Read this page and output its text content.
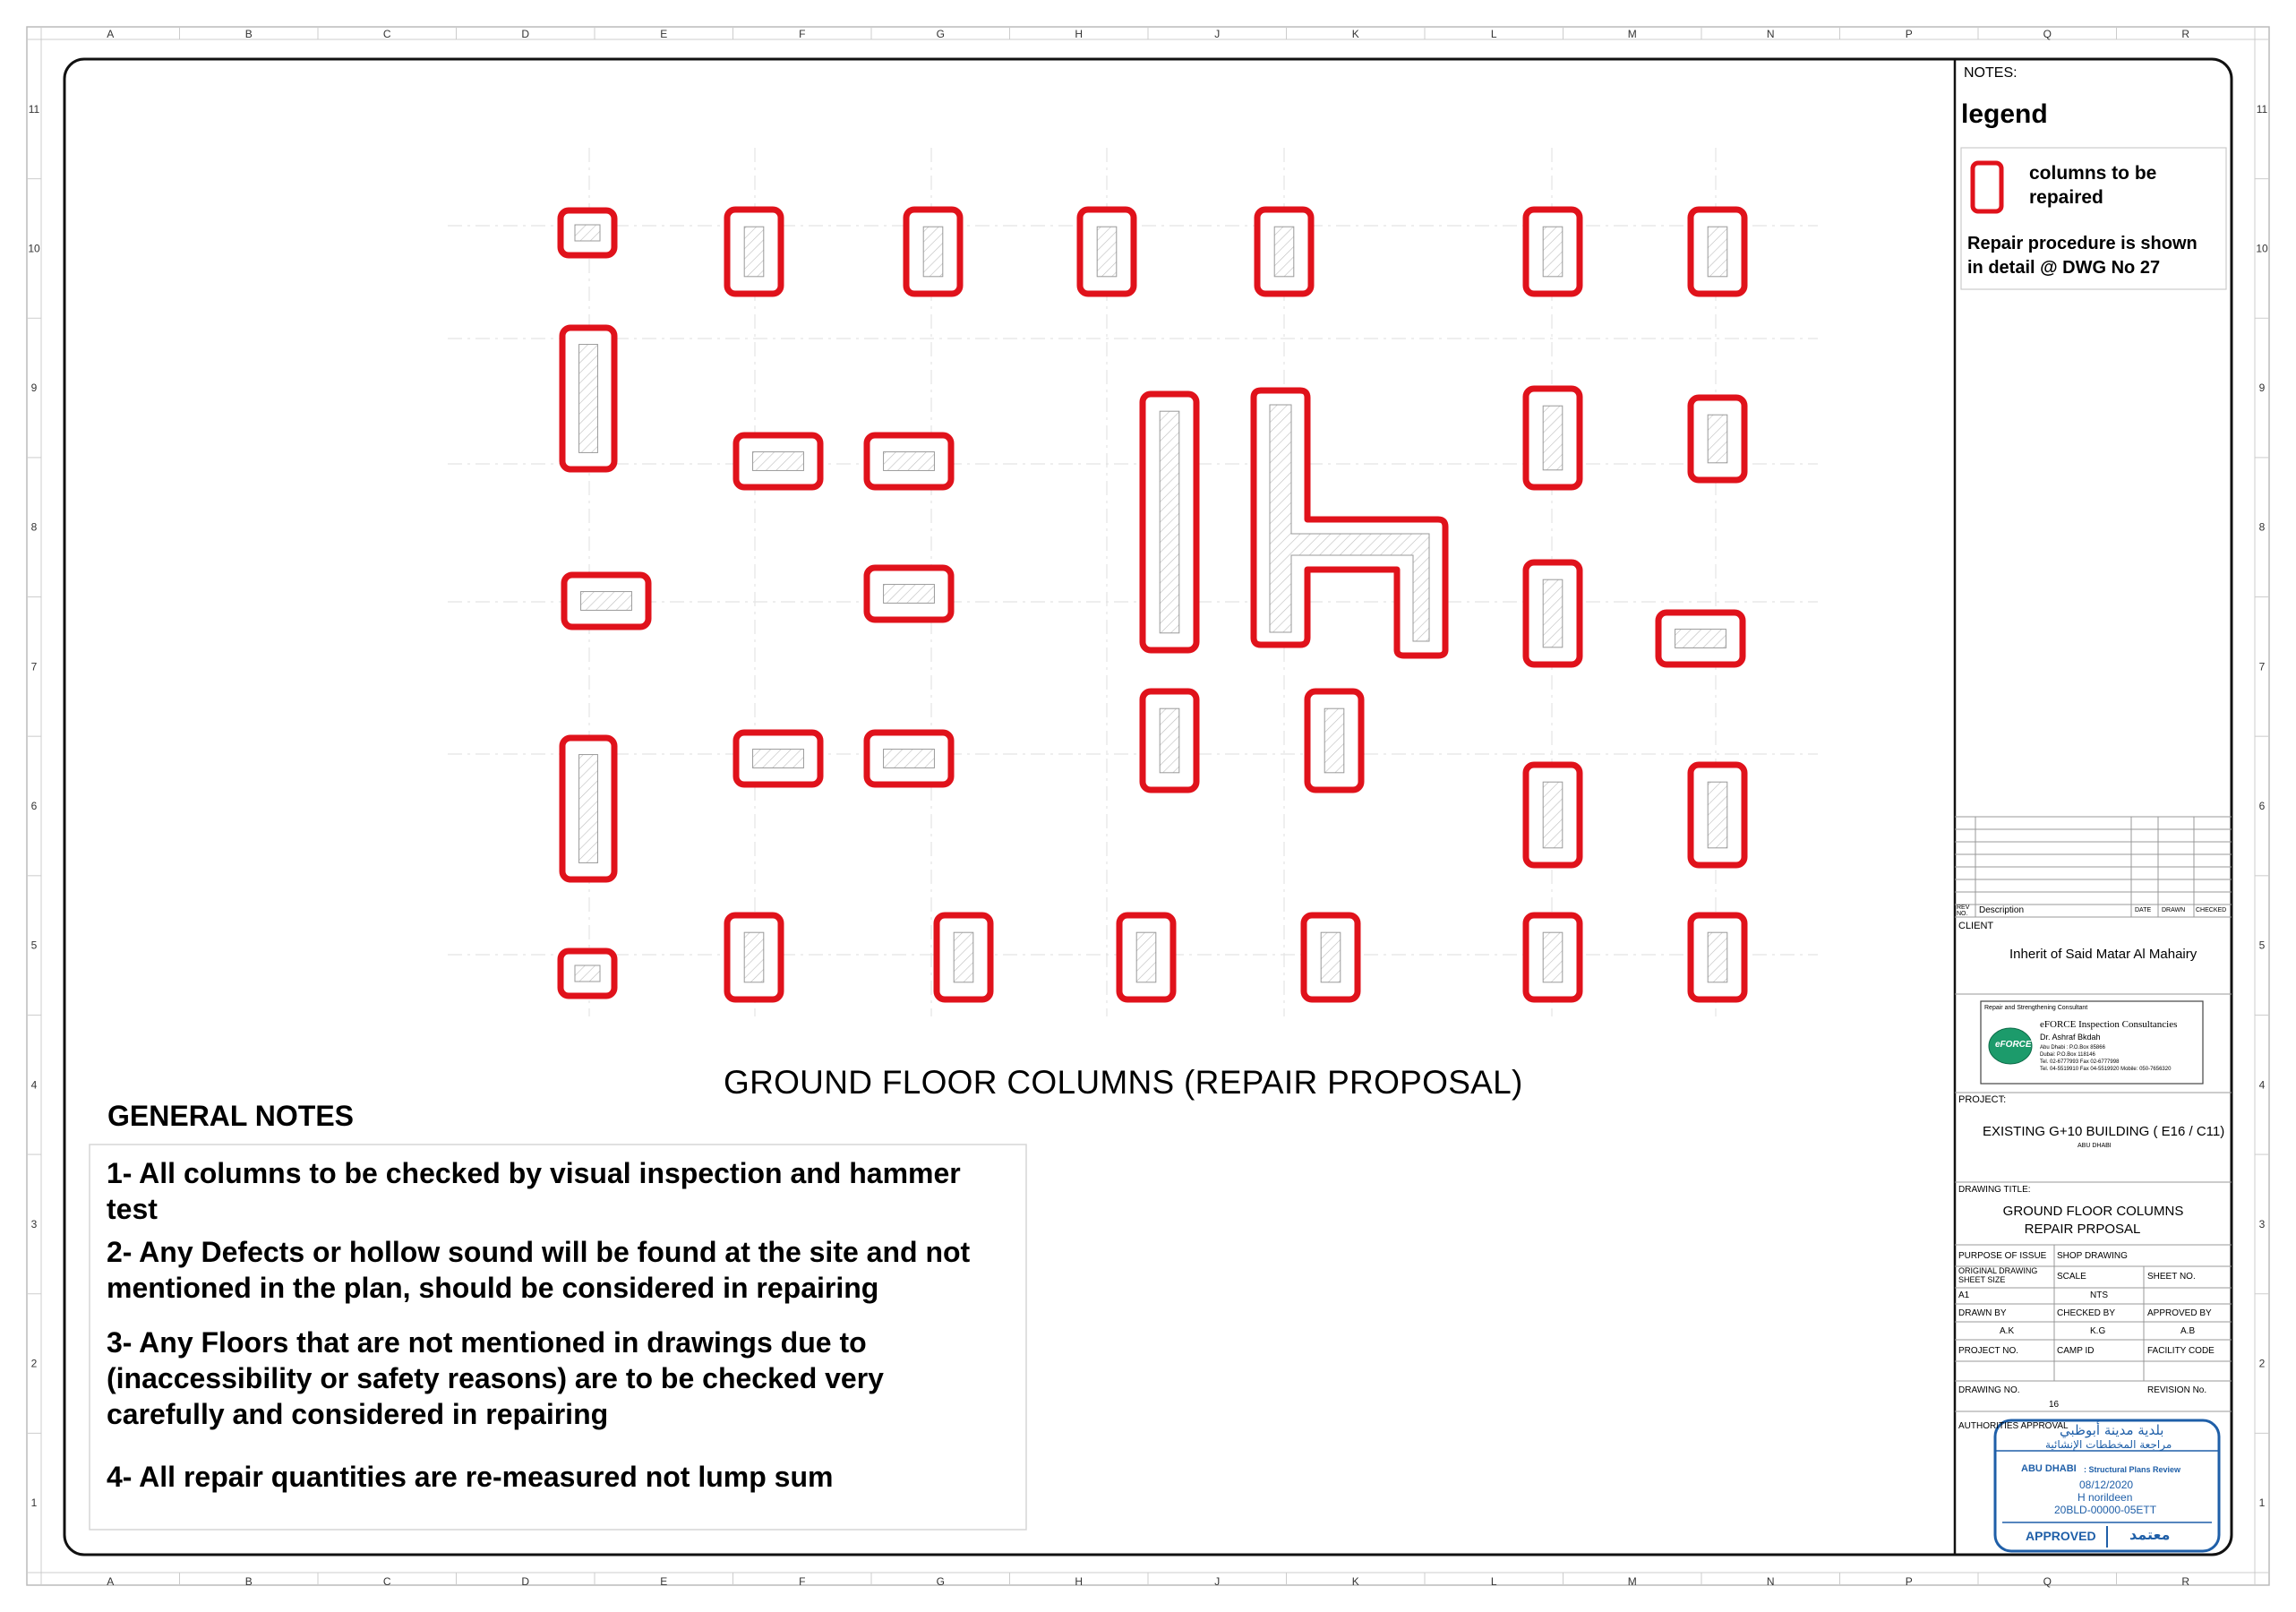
A
A
B
B
C
C
D
D
E
E
F
F
G
G
H
H
J
J
K
K
L
L
M
M
N
N
P
P
Q
Q
R
R
11	11
10	10
9	9
8	8
7	7
6	6
5	5
4	4
3	3
2	2
1	1
GROUND FLOOR COLUMNS (REPAIR PROPOSAL)
GENERAL NOTES
1- All columns to be checked by visual inspection and hammer
test
2- Any Defects or hollow sound will be found at the site and not
mentioned in the plan, should be considered in repairing
3- Any Floors that are not mentioned in drawings due to
(inaccessibility or safety reasons) are to be checked very
carefully and considered in repairing
4- All repair quantities are re-measured not lump sum
NOTES:
legend
columns to be
repaired
Repair procedure is shown
in detail @ DWG No 27
REV NO.	Description	DATE DRAWN CHECKED
CLIENT
Inherit of Said Matar Al Mahairy
Repair and Strengthening Consultant
eFORCE
eFORCE Inspection Consultancies
Dr. Ashraf Bkdah
Abu Dhabi : P.O.Box 85866
Dubai: P.O.Box 118146
Tel. 02-6777993 Fax 02-6777998
Tel. 04-5519910 Fax 04-5519920 Mobile: 050-7656320
PROJECT:
EXISTING G+10 BUILDING ( E16 / C11)
ABU DHABI
DRAWING TITLE:
GROUND FLOOR COLUMNS
REPAIR PRPOSAL
PURPOSE OF ISSUE SHOP DRAWING
ORIGINAL DRAWING
SHEET SIZE	SCALE	SHEET NO.
A1	NTS
DRAWN BY	CHECKED BY	APPROVED BY
A.K	K.G	A.B
PROJECT NO.	CAMP ID	FACILITY CODE
DRAWING NO.	REVISION No.
16
AUTHORITIES APPROVAL
بلدية مدينة أبوظبي
مراجعة المخططات الإنشائية
ABU DHABI : Structural Plans Review
08/12/2020
H norildeen
20BLD-00000-05ETT
APPROVED معتمد
